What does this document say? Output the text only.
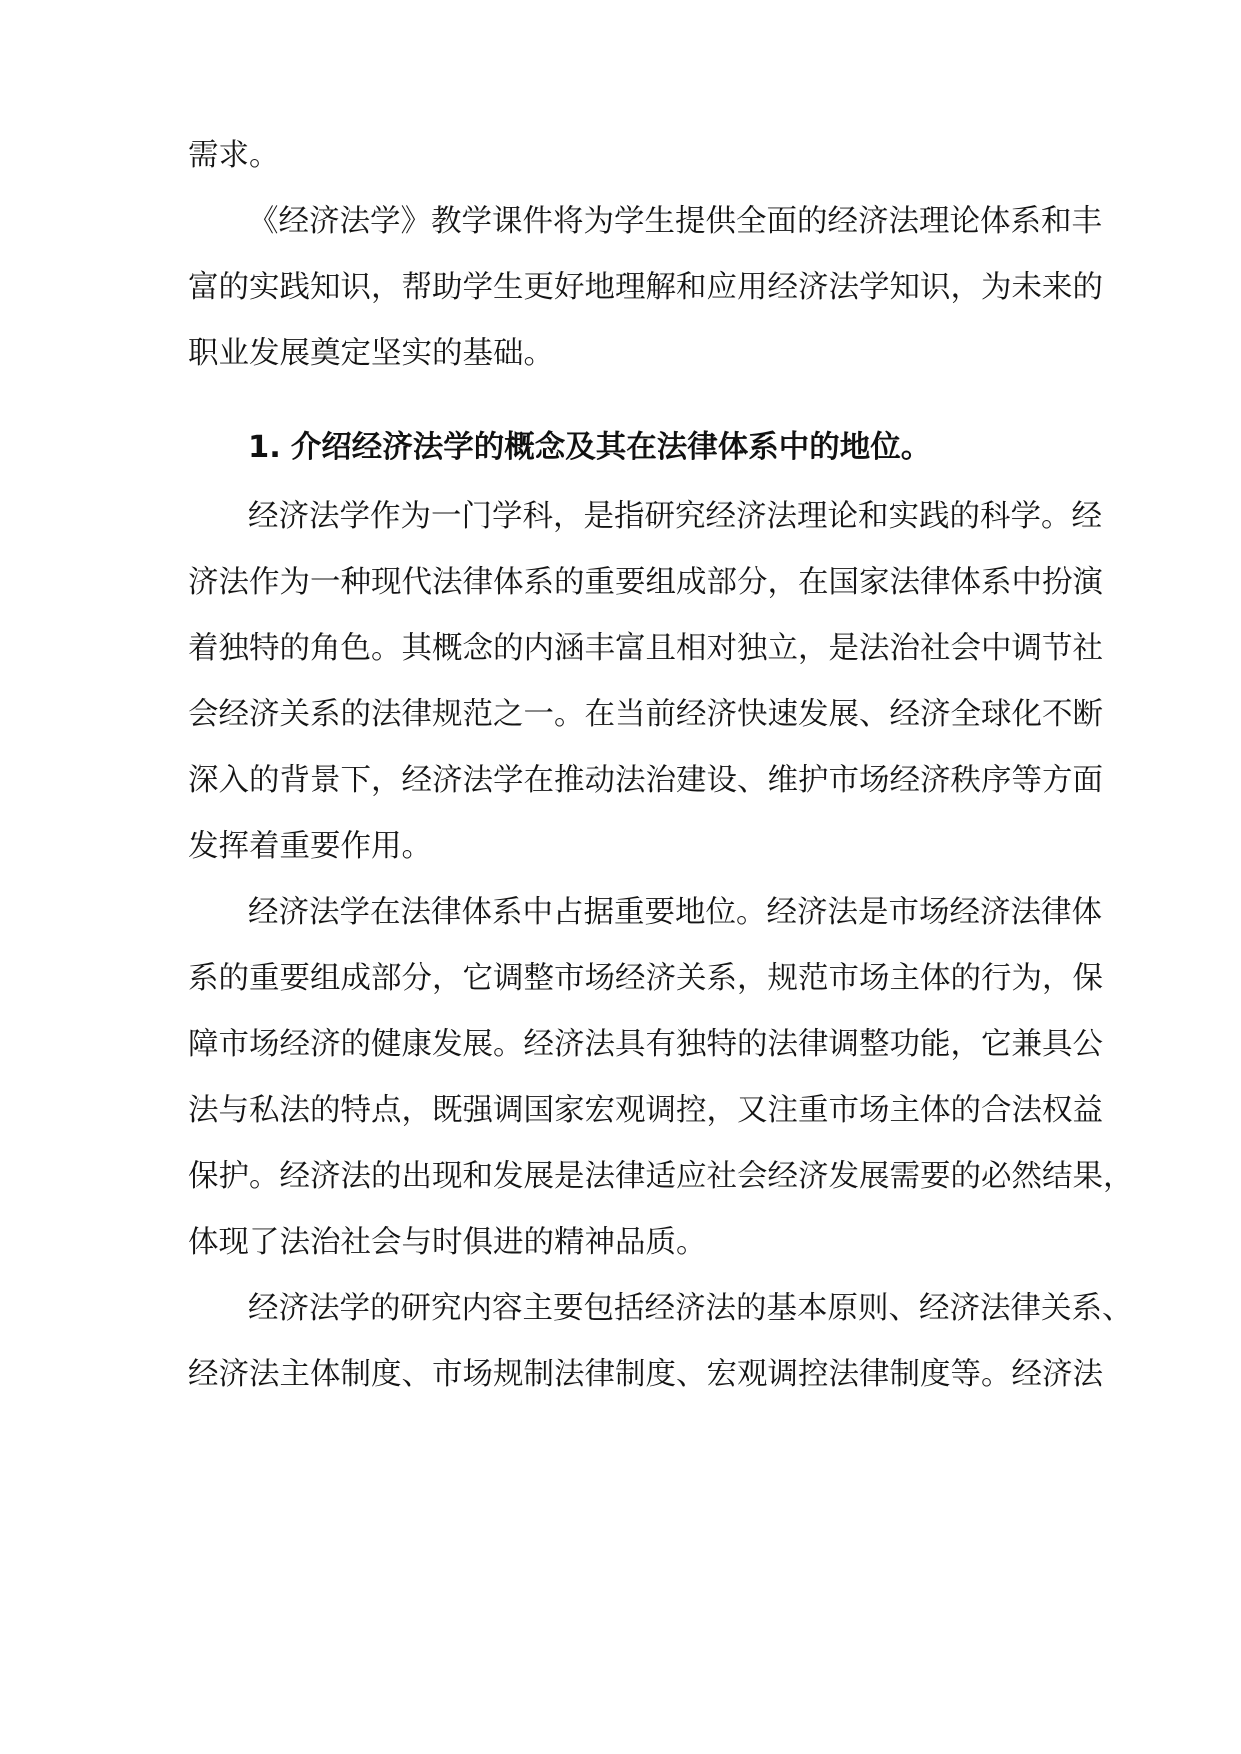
需求。

《经济法学》教学课件将为学生提供全面的经济法理论体系和丰

富的实践知识，帮助学生更好地理解和应用经济法学知识，为未来的

职业发展奠定坚实的基础。

1. 介绍经济法学的概念及其在法律体系中的地位。

经济法学作为一门学科，是指研究经济法理论和实践的科学。经

济法作为一种现代法律体系的重要组成部分，在国家法律体系中扮演

着独特的角色。其概念的内涵丰富且相对独立，是法治社会中调节社

会经济关系的法律规范之一。在当前经济快速发展、经济全球化不断

深入的背景下，经济法学在推动法治建设、维护市场经济秩序等方面

发挥着重要作用。

经济法学在法律体系中占据重要地位。经济法是市场经济法律体

系的重要组成部分，它调整市场经济关系，规范市场主体的行为，保

障市场经济的健康发展。经济法具有独特的法律调整功能，它兼具公

法与私法的特点，既强调国家宏观调控，又注重市场主体的合法权益

保护。经济法的出现和发展是法律适应社会经济发展需要的必然结果，

体现了法治社会与时俱进的精神品质。

经济法学的研究内容主要包括经济法的基本原则、经济法律关系、

经济法主体制度、市场规制法律制度、宏观调控法律制度等。经济法
